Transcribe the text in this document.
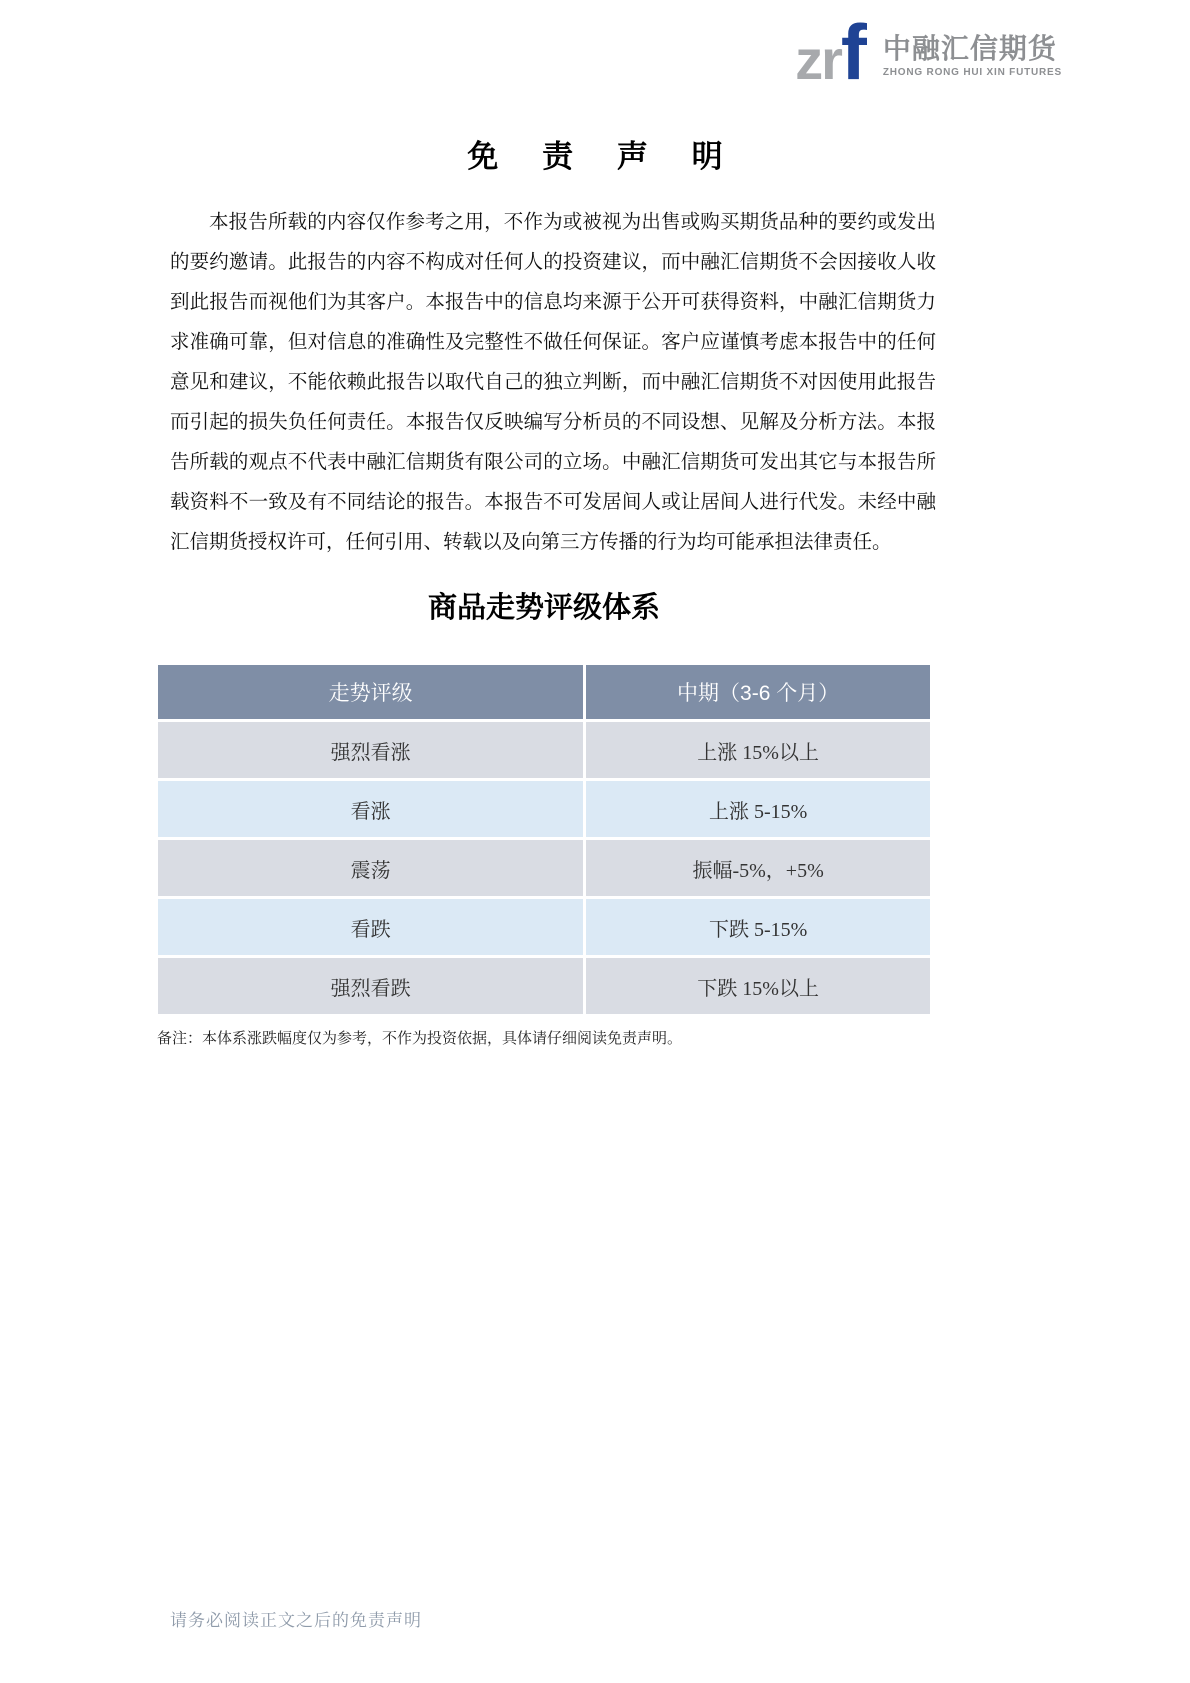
zrf 中融汇信期货
ZHONG RONG HUI XIN FUTURES
免 责 声 明

本报告所载的内容仅作参考之用，不作为或被视为出售或购买期货品种的要约或发出的要约邀请。此报告的内容不构成对任何人的投资建议，而中融汇信期货不会因接收人收到此报告而视他们为其客户。本报告中的信息均来源于公开可获得资料，中融汇信期货力求准确可靠，但对信息的准确性及完整性不做任何保证。客户应谨慎考虑本报告中的任何意见和建议，不能依赖此报告以取代自己的独立判断，而中融汇信期货不对因使用此报告而引起的损失负任何责任。本报告仅反映编写分析员的不同设想、见解及分析方法。本报告所载的观点不代表中融汇信期货有限公司的立场。中融汇信期货可发出其它与本报告所载资料不一致及有不同结论的报告。本报告不可发居间人或让居间人进行代发。未经中融汇信期货授权许可，任何引用、转载以及向第三方传播的行为均可能承担法律责任。

商品走势评级体系
走势评级	中期（3-6 个月）
强烈看涨	上涨 15%以上
看涨	上涨 5-15%
震荡	振幅-5%，+5%
看跌	下跌 5-15%
强烈看跌	下跌 15%以上
备注：本体系涨跌幅度仅为参考，不作为投资依据，具体请仔细阅读免责声明。
请务必阅读正文之后的免责声明
